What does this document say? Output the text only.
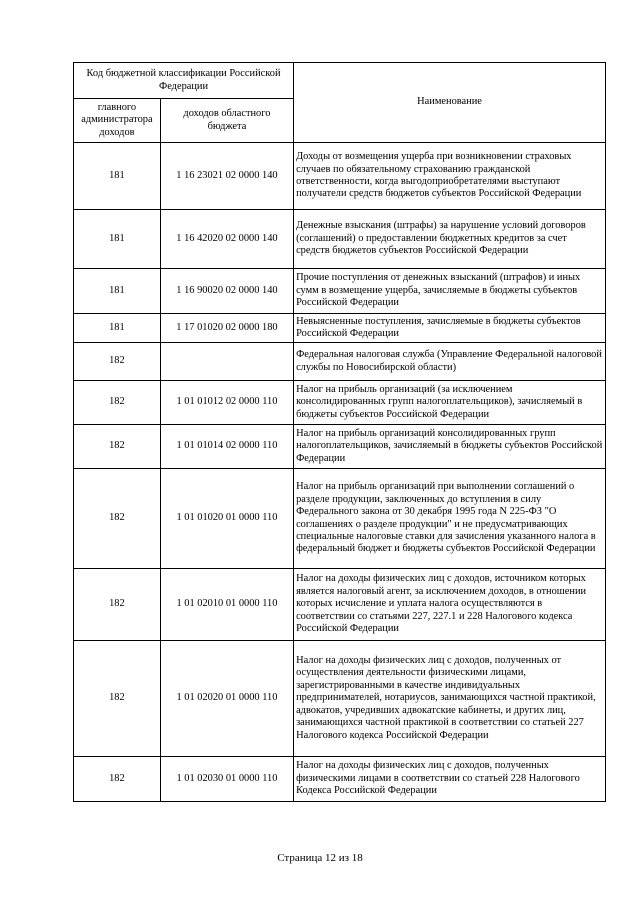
Код бюджетной классификации Российской Федерации		Наименование
главного администратора доходов	доходов областного бюджета	
181	1 16 23021 02 0000 140	Доходы от возмещения ущерба при возникновении страховых случаев по обязательному страхованию гражданской ответственности, когда выгодоприобретателями выступают получатели средств бюджетов субъектов Российской Федерации
181	1 16 42020 02 0000 140	Денежные взыскания (штрафы) за нарушение условий договоров (соглашений) о предоставлении бюджетных кредитов за счет средств бюджетов субъектов Российской Федерации
181	1 16 90020 02 0000 140	Прочие поступления от денежных взысканий (штрафов) и иных сумм в возмещение ущерба, зачисляемые в бюджеты субъектов Российской Федерации
181	1 17 01020 02 0000 180	Невыясненные поступления, зачисляемые в бюджеты субъектов Российской Федерации
182		Федеральная налоговая служба (Управление Федеральной налоговой службы по Новосибирской области)
182	1 01 01012 02 0000 110	Налог на прибыль организаций (за исключением консолидированных групп налогоплательщиков), зачисляемый в бюджеты субъектов Российской Федерации
182	1 01 01014 02 0000 110	Налог на прибыль организаций консолидированных групп налогоплательщиков, зачисляемый в бюджеты субъектов Российской Федерации
182	1 01 01020 01 0000 110	Налог на прибыль организаций при выполнении соглашений о разделе продукции, заключенных до вступления в силу Федерального закона от 30 декабря 1995 года N 225-ФЗ "О соглашениях о разделе продукции" и не предусматривающих специальные налоговые ставки для зачисления указанного налога в федеральный бюджет и бюджеты субъектов Российской Федерации
182	1 01 02010 01 0000 110	Налог на доходы физических лиц с доходов, источником которых является налоговый агент, за исключением доходов, в отношении которых исчисление и уплата налога осуществляются в соответствии со статьями 227, 227.1 и 228 Налогового кодекса Российской Федерации
182	1 01 02020 01 0000 110	Налог на доходы физических лиц с доходов, полученных от осуществления деятельности физическими лицами, зарегистрированными в качестве индивидуальных предпринимателей, нотариусов, занимающихся частной практикой, адвокатов, учредивших адвокатские кабинеты, и других лиц, занимающихся частной практикой в соответствии со статьей 227 Налогового кодекса Российской Федерации
182	1 01 02030 01 0000 110	Налог на доходы физических лиц с доходов, полученных физическими лицами в соответствии со статьей 228 Налогового Кодекса Российской Федерации
Страница 12 из 18
